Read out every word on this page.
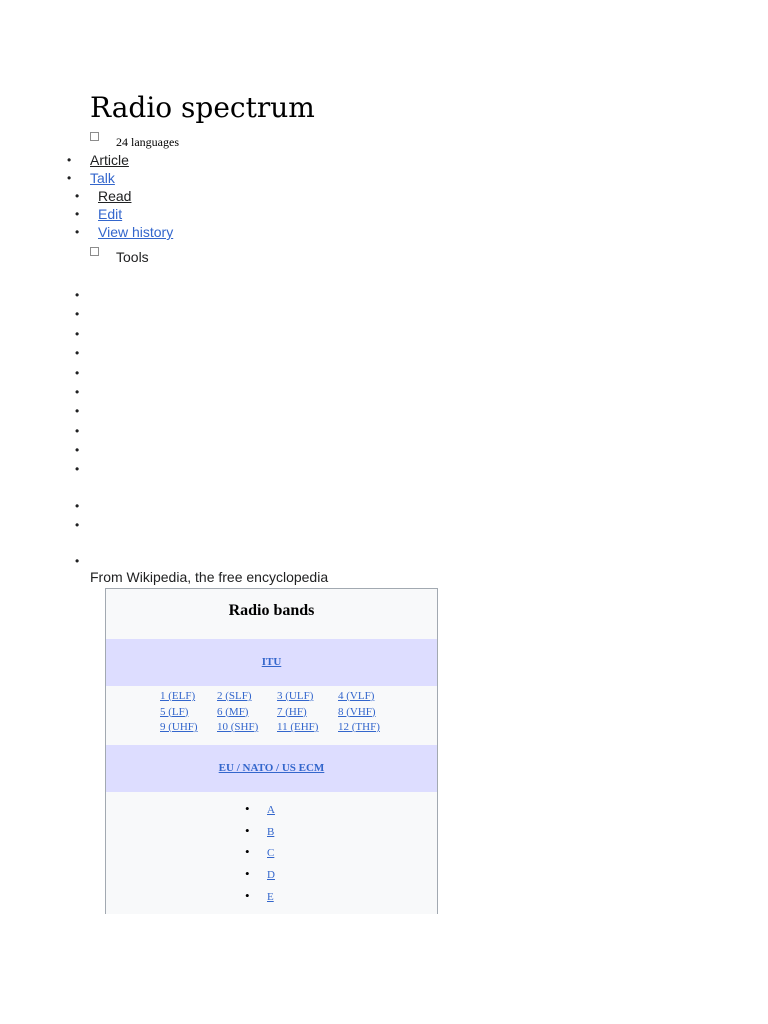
Radio spectrum
24 languages
• Article
• Talk
• Read
• Edit
• View history
Tools
•
•
•
•
•
•
•
•
•
•
•
•
•
From Wikipedia, the free encyclopedia
Radio bands
ITU
1 (ELF)	2 (SLF)	3 (ULF)	4 (VLF)
5 (LF)	6 (MF)	7 (HF)	8 (VHF)
9 (UHF)	10 (SHF)	11 (EHF)	12 (THF)
EU / NATO / US ECM
• A
• B
• C
• D
• E
